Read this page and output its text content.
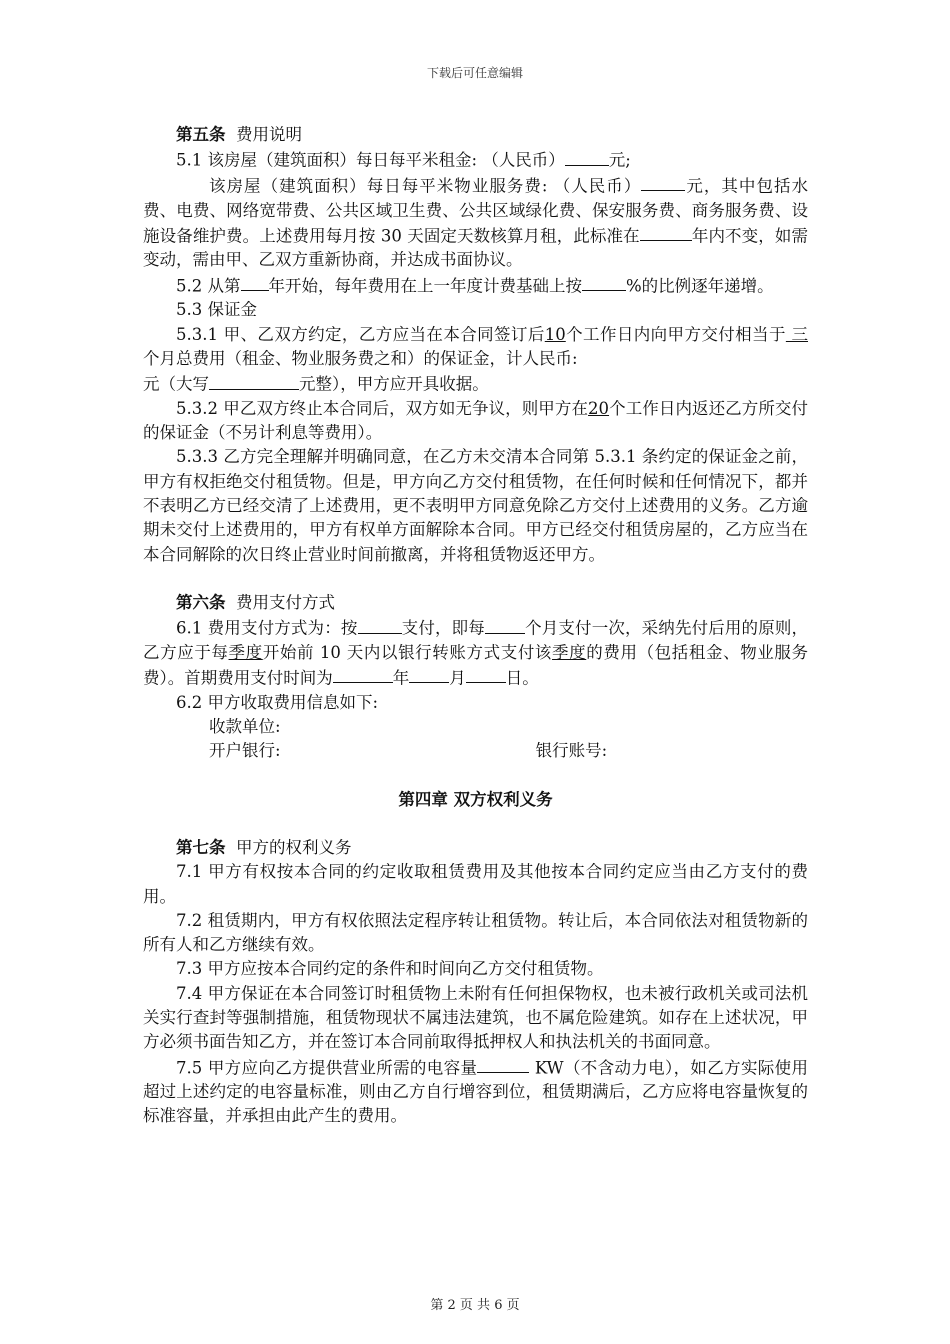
下载后可任意编辑

第五条 费用说明

5.1 该房屋（建筑面积）每日每平米租金: （人民币）	元;

该房屋（建筑面积）每日每平米物业服务费: （人民币）	元，其中包括水费、电费、网络宽带费、公共区域卫生费、公共区域绿化费、保安服务费、商务服务费、设施设备维护费。上述费用每月按 30 天固定天数核算月租，此标准在	年内不变，如需变动，需由甲、乙双方重新协商，并达成书面协议。

5.2 从第 年开始，每年费用在上一年度计费基础上按	%的比例逐年递增。

5.3 保证金

5.3.1 甲、乙双方约定，乙方应当在本合同签订后10个工作日内向甲方交付相当于 三 个月总费用（租金、物业服务费之和）的保证金，计人民币:
元（大写	元整），甲方应开具收据。

5.3.2 甲乙双方终止本合同后，双方如无争议，则甲方在20个工作日内返还乙方所交付的保证金（不另计利息等费用）。

5.3.3 乙方完全理解并明确同意，在乙方未交清本合同第 5.3.1 条约定的保证金之前，甲方有权拒绝交付租赁物。但是，甲方向乙方交付租赁物，在任何时候和任何情况下，都并不表明乙方已经交清了上述费用，更不表明甲方同意免除乙方交付上述费用的义务。乙方逾期未交付上述费用的，甲方有权单方面解除本合同。甲方已经交付租赁房屋的，乙方应当在本合同解除的次日终止营业时间前撤离，并将租赁物返还甲方。

第六条 费用支付方式

6.1 费用支付方式为：按	支付，即每 个月支付一次，采纳先付后用的原则，乙方应于每季度开始前 10 天内以银行转账方式支付该季度的费用（包括租金、物业服务费）。首期费用支付时间为	年 月 日。

6.2 甲方收取费用信息如下:

收款单位:

开户银行:	银行账号:

第四章 双方权利义务

第七条 甲方的权利义务

7.1 甲方有权按本合同的约定收取租赁费用及其他按本合同约定应当由乙方支付的费用。

7.2 租赁期内，甲方有权依照法定程序转让租赁物。转让后，本合同依法对租赁物新的所有人和乙方继续有效。

7.3 甲方应按本合同约定的条件和时间向乙方交付租赁物。

7.4 甲方保证在本合同签订时租赁物上未附有任何担保物权，也未被行政机关或司法机关实行查封等强制措施，租赁物现状不属违法建筑，也不属危险建筑。如存在上述状况，甲方必须书面告知乙方，并在签订本合同前取得抵押权人和执法机关的书面同意。

7.5 甲方应向乙方提供营业所需的电容量	KW（不含动力电），如乙方实际使用超过上述约定的电容量标准，则由乙方自行增容到位，租赁期满后，乙方应将电容量恢复的标准容量，并承担由此产生的费用。

第 2 页 共 6 页
